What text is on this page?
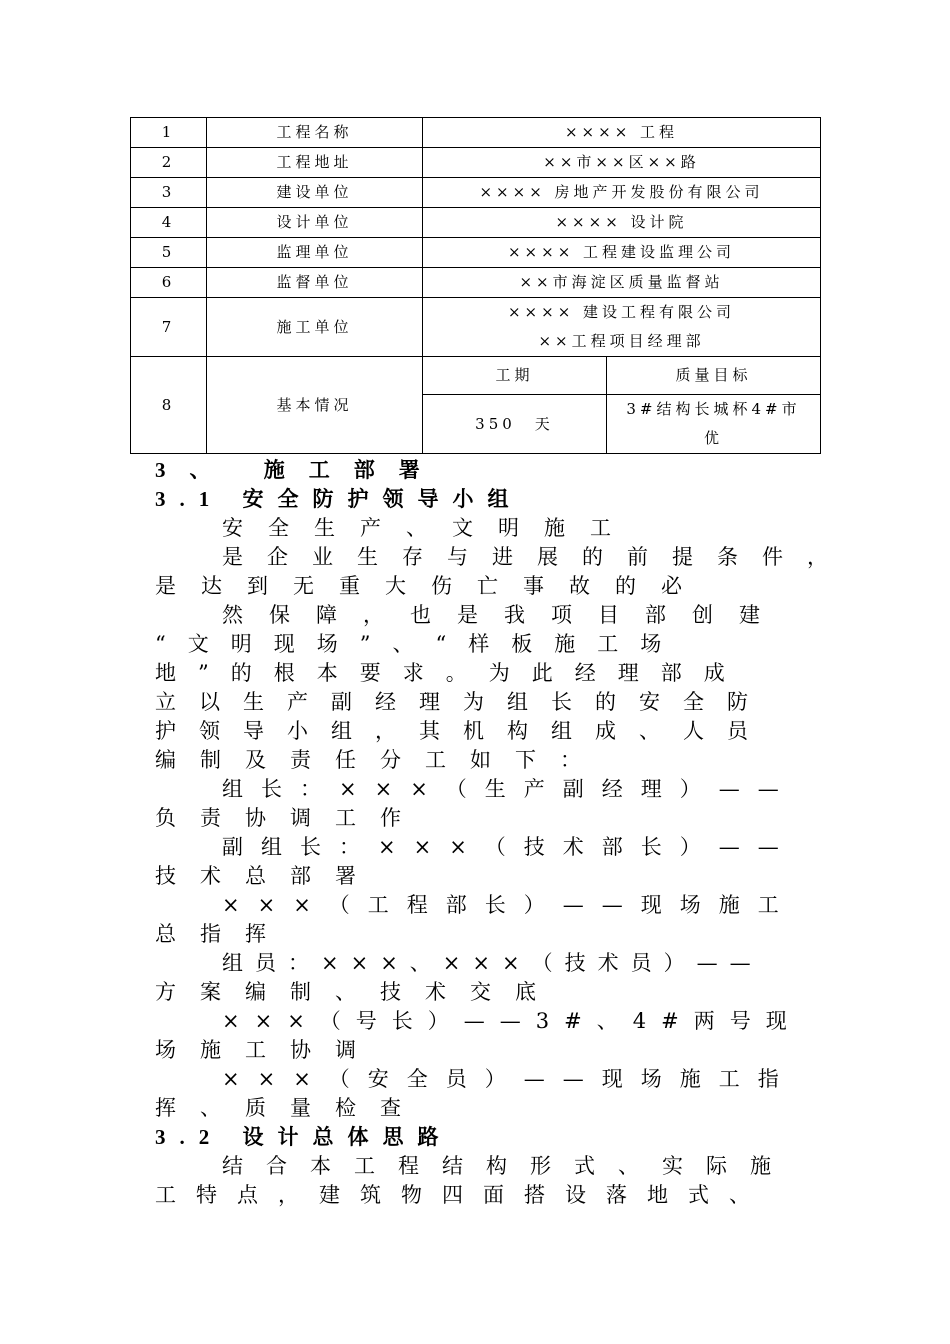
1	工程名称	×××× 工程	
2	工程地址	××市××区××路	
3	建设单位	×××× 房地产开发股份有限公司	
4	设计单位	×××× 设计院	
5	监理单位	×××× 工程建设监理公司	
6	监督单位	××市海淀区质量监督站	
7	施工单位	×××× 建设工程有限公司
××工程项目经理部	

8	基本情况	工期	质量目标
		350　天	3#结构长城杯4#市
优
3、 施工部署
3.1 安全防护领导小组
安全生产、文明施工
是企业生存与进展的前提条件，
是达到无重大伤亡事故的必
然保障，也是我项目部创建
“文明现场”、“样板施工场
地”的根本要求。为此经理部成
立以生产副经理为组长的安全防
护领导小组，其机构组成、人员
编制及责任分工如下：
组长：×××（生产副经理）——
负责协调工作
副组长：×××（技术部长）——
技术总部署
×××（工程部长）——现场施工
总指挥
组员：×××、×××（技术员）——
方案编制、技术交底
×××（号长）——3#、4#两号现
场施工协调
×××（安全员）——现场施工指
挥、质量检查
3.2 设计总体思路
结合本工程结构形式、实际施
工特点，建筑物四面搭设落地式、
